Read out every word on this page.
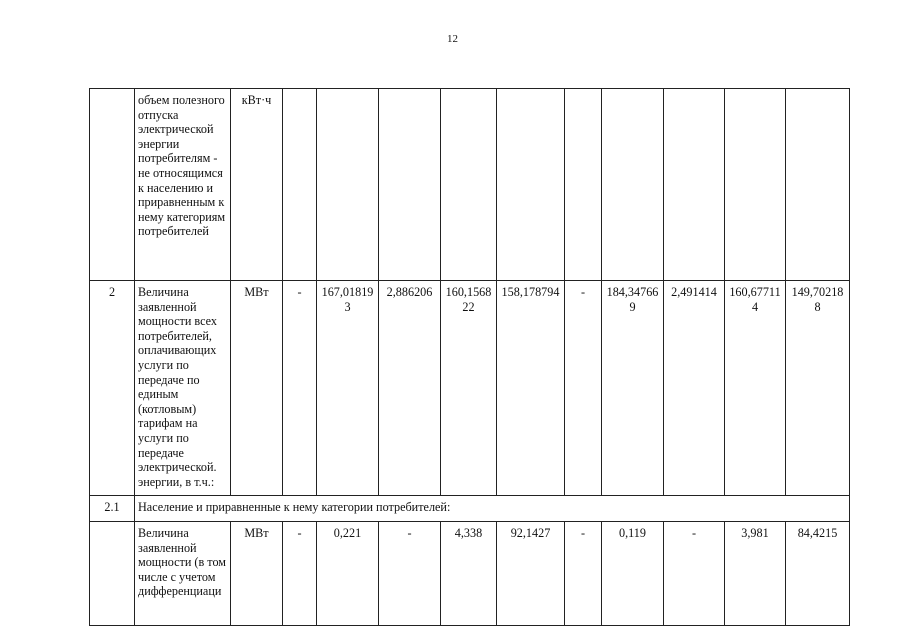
12
	объем полезного отпуска электрической энергии потребителям - не относящимся к населению и приравненным к нему категориям потребителей	кВт·ч										
2	Величина заявленной мощности всех потребителей, оплачивающих услуги по передаче по единым (котловым) тарифам на услуги по передаче электрической. энергии, в т.ч.:	МВт	-	167,018193	2,886206	160,156822	158,178794	-	184,347669	2,491414	160,677114	149,702188
2.1	Население и приравненные к нему категории потребителей:											
	Величина заявленной мощности (в том числе с учетом дифференциаци	МВт	-	0,221	-	4,338	92,1427	-	0,119	-	3,981	84,4215
